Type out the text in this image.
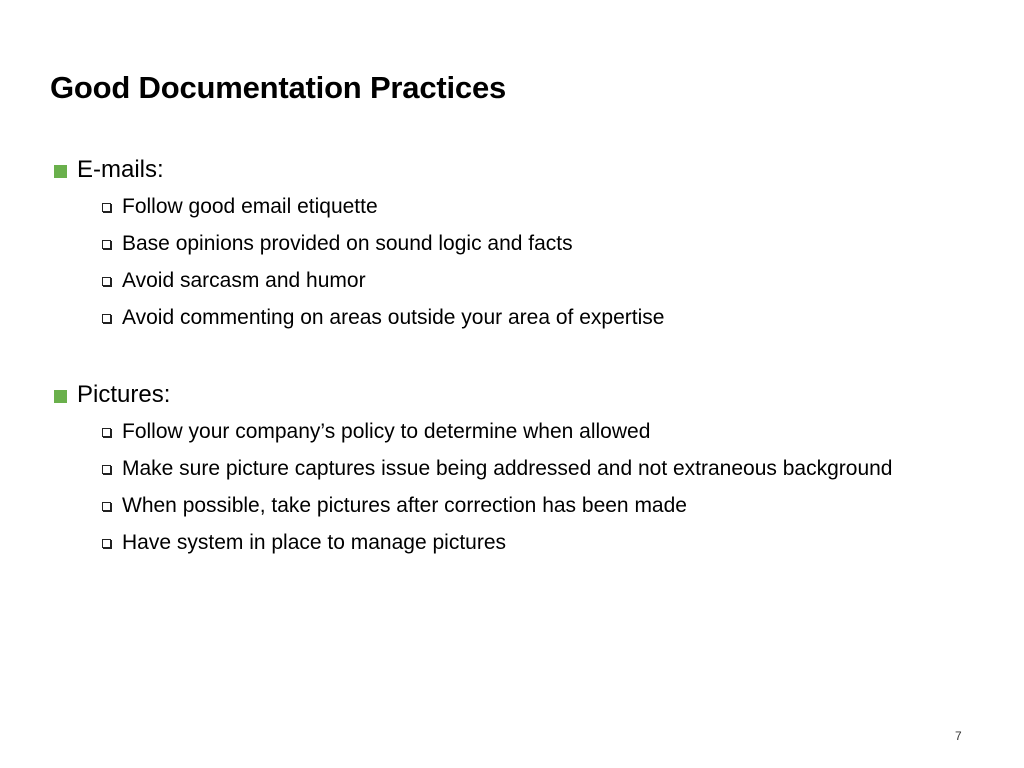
Good Documentation Practices
E-mails:
Follow good email etiquette
Base opinions provided on sound logic and facts
Avoid sarcasm and humor
Avoid commenting on areas outside your area of expertise
Pictures:
Follow your company’s policy to determine when allowed
Make sure picture captures issue being addressed and not extraneous background
When possible, take pictures after correction has been made
Have system in place to manage pictures
7
